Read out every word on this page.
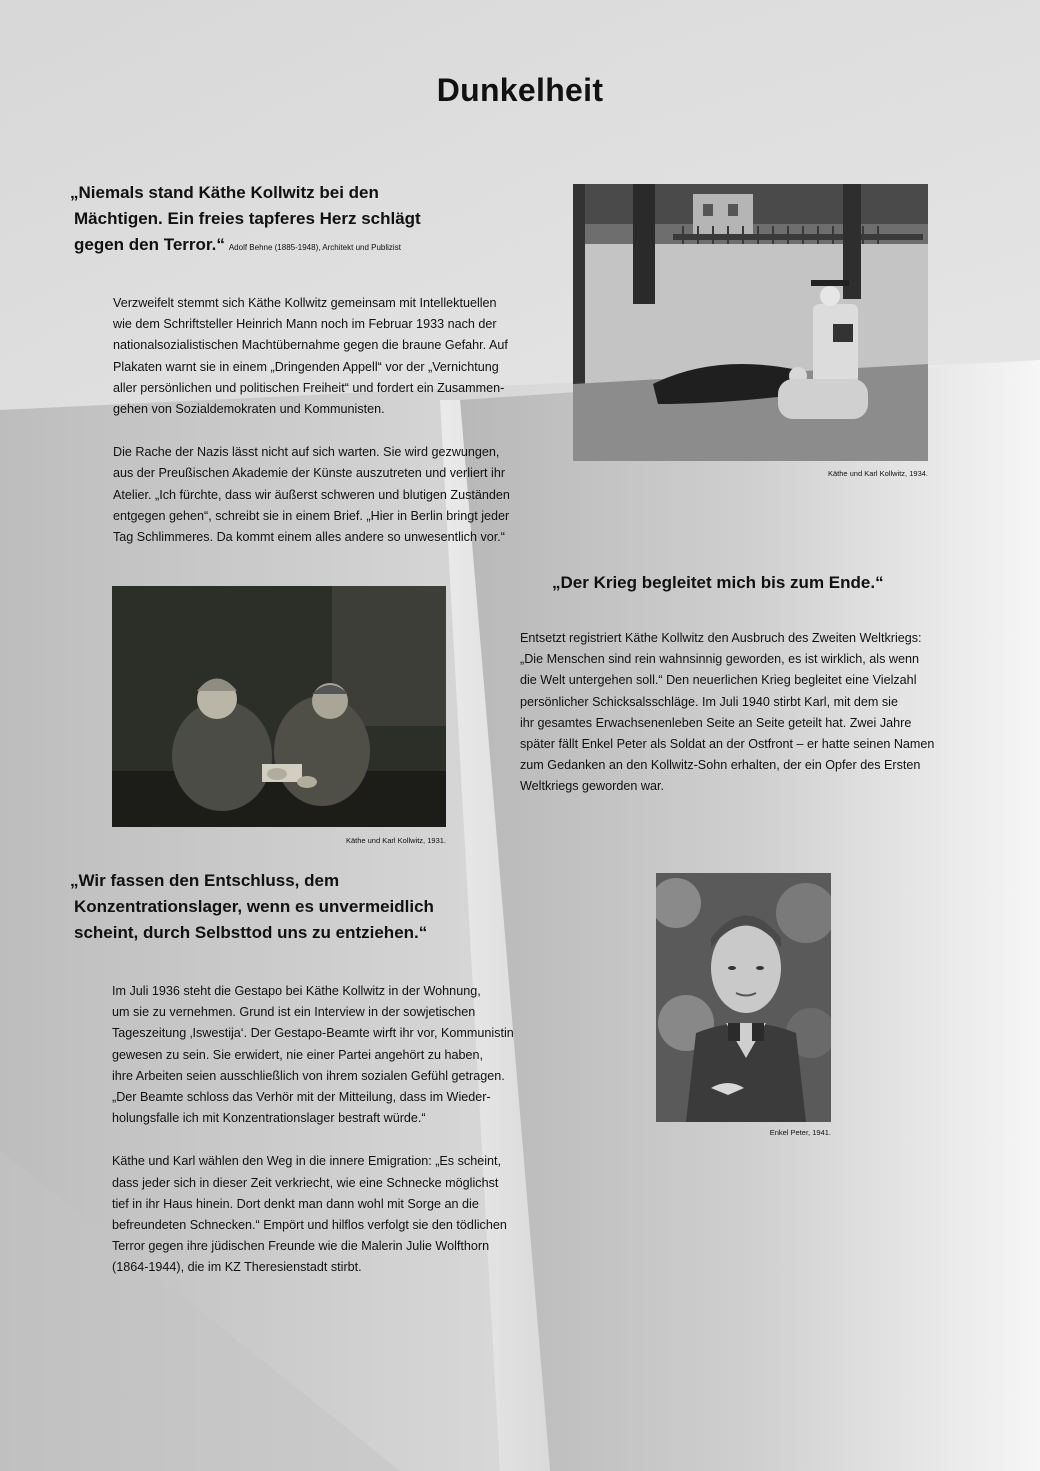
Dunkelheit
„Niemals stand Käthe Kollwitz bei den
Mächtigen. Ein freies tapferes Herz schlägt
gegen den Terror.“ Adolf Behne (1885-1948), Architekt und Publizist

Verzweifelt stemmt sich Käthe Kollwitz gemeinsam mit Intellektuellen
wie dem Schriftsteller Heinrich Mann noch im Februar 1933 nach der
nationalsozialistischen Machtübernahme gegen die braune Gefahr. Auf
Plakaten warnt sie in einem „Dringenden Appell“ vor der „Vernichtung
aller persönlichen und politischen Freiheit“ und fordert ein Zusammen-
gehen von Sozialdemokraten und Kommunisten.

Die Rache der Nazis lässt nicht auf sich warten. Sie wird gezwungen,
aus der Preußischen Akademie der Künste auszutreten und verliert ihr
Atelier. „Ich fürchte, dass wir äußerst schweren und blutigen Zuständen
entgegen gehen“, schreibt sie in einem Brief. „Hier in Berlin bringt jeder
Tag Schlimmeres. Da kommt einem alles andere so unwesentlich vor.“

Käthe und Karl Kollwitz, 1934.
„Der Krieg begleitet mich bis zum Ende.“

Entsetzt registriert Käthe Kollwitz den Ausbruch des Zweiten Weltkriegs:
„Die Menschen sind rein wahnsinnig geworden, es ist wirklich, als wenn
die Welt untergehen soll.“ Den neuerlichen Krieg begleitet eine Vielzahl
persönlicher Schicksalsschläge. Im Juli 1940 stirbt Karl, mit dem sie
ihr gesamtes Erwachsenenleben Seite an Seite geteilt hat. Zwei Jahre
später fällt Enkel Peter als Soldat an der Ostfront – er hatte seinen Namen
zum Gedanken an den Kollwitz-Sohn erhalten, der ein Opfer des Ersten
Weltkriegs geworden war.

Käthe und Karl Kollwitz, 1931.
„Wir fassen den Entschluss, dem
Konzentrationslager, wenn es unvermeidlich
scheint, durch Selbsttod uns zu entziehen.“

Im Juli 1936 steht die Gestapo bei Käthe Kollwitz in der Wohnung,
um sie zu vernehmen. Grund ist ein Interview in der sowjetischen
Tageszeitung ‚Iswestija‘. Der Gestapo-Beamte wirft ihr vor, Kommunistin
gewesen zu sein. Sie erwidert, nie einer Partei angehört zu haben,
ihre Arbeiten seien ausschließlich von ihrem sozialen Gefühl getragen.
„Der Beamte schloss das Verhör mit der Mitteilung, dass im Wieder-
holungsfalle ich mit Konzentrationslager bestraft würde.“

Käthe und Karl wählen den Weg in die innere Emigration: „Es scheint,
dass jeder sich in dieser Zeit verkriecht, wie eine Schnecke möglichst
tief in ihr Haus hinein. Dort denkt man dann wohl mit Sorge an die
befreundeten Schnecken.“ Empört und hilflos verfolgt sie den tödlichen
Terror gegen ihre jüdischen Freunde wie die Malerin Julie Wolfthorn
(1864-1944), die im KZ Theresienstadt stirbt.

Enkel Peter, 1941.
